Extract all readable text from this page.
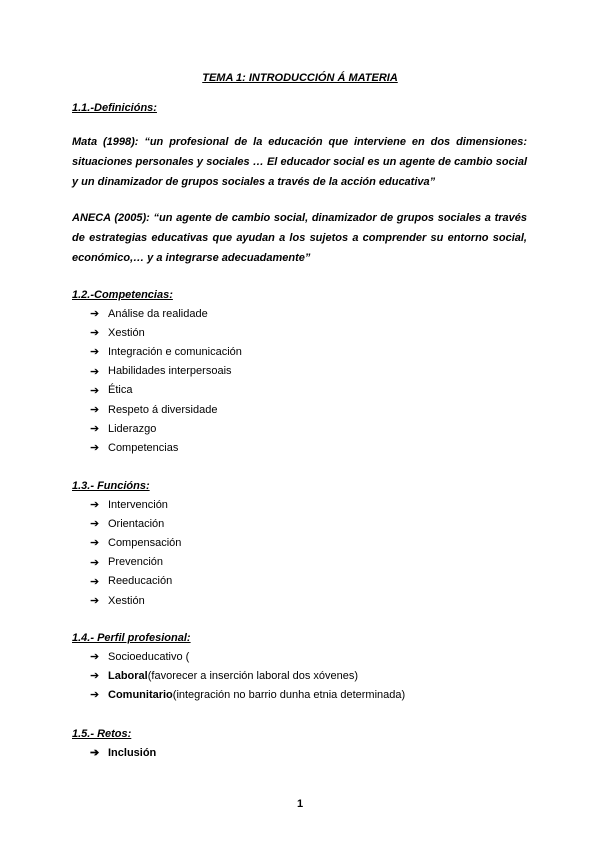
TEMA 1: INTRODUCCIÓN Á MATERIA
1.1.-Definicións:
Mata (1998): “un profesional de la educación que interviene en dos dimensiones: situaciones personales y sociales … El educador social es un agente de cambio social y un dinamizador de grupos sociales a través de la acción educativa”
ANECA (2005): “un agente de cambio social, dinamizador de grupos sociales a través de estrategias educativas que ayudan a los sujetos a comprender su entorno social, económico,… y a integrarse adecuadamente”
1.2.-Competencias:
➔ Análise da realidade
➔ Xestión
➔ Integración e comunicación
➔ Habilidades interpersoais
➔ Ética
➔ Respeto á diversidade
➔ Liderazgo
➔ Competencias
1.3.- Funcións:
➔ Intervención
➔ Orientación
➔ Compensación
➔ Prevención
➔ Reeducación
➔ Xestión
1.4.- Perfil profesional:
➔ Socioeducativo (
➔ Laboral (favorecer a inserción laboral dos xóvenes)
➔ Comunitario (integración no barrio dunha etnia determinada)
1.5.- Retos:
➔ Inclusión
1
